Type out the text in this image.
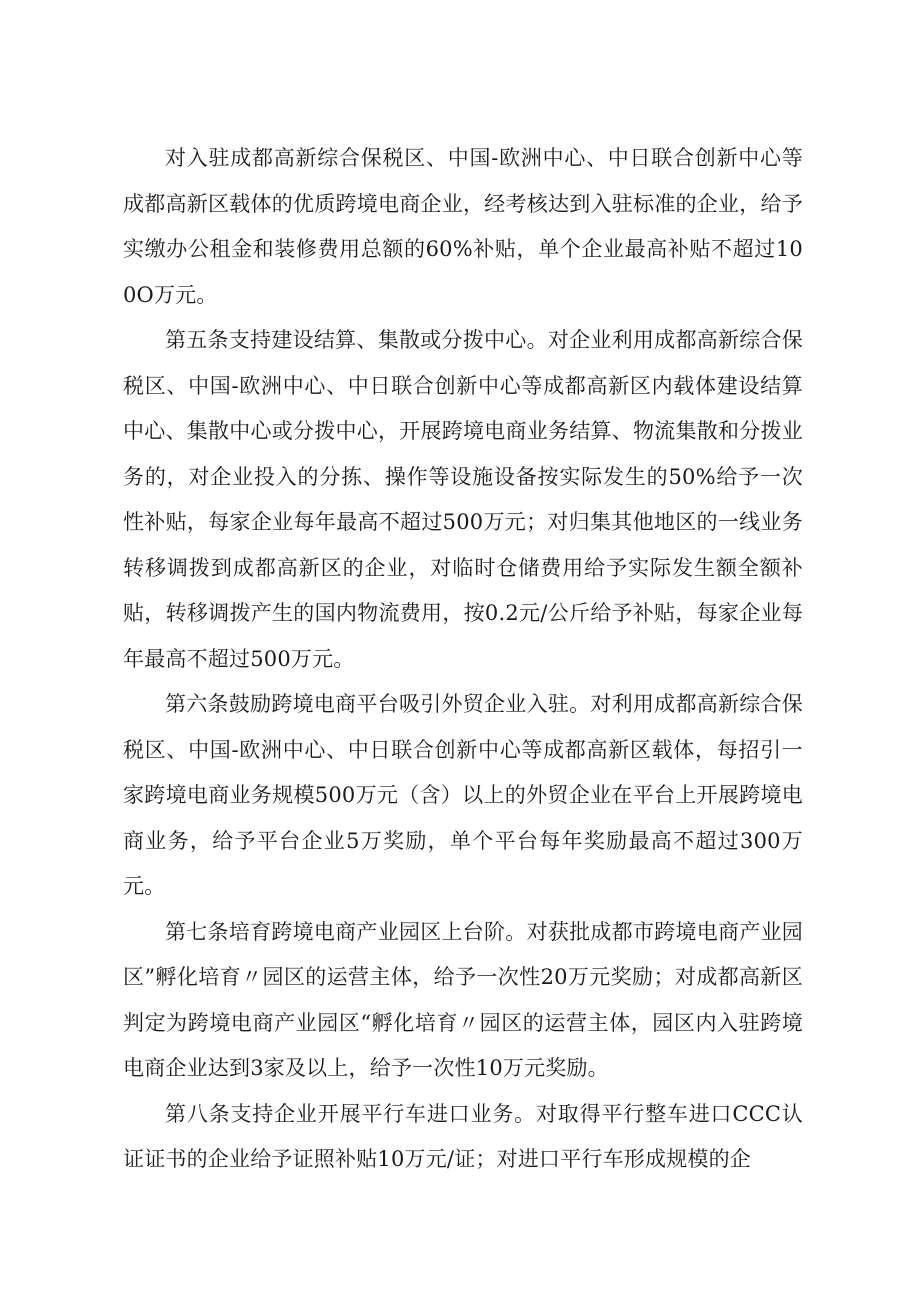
对入驻成都高新综合保税区、中国-欧洲中心、中日联合创新中心等成都高新区载体的优质跨境电商企业，经考核达到入驻标准的企业，给予实缴办公租金和装修费用总额的60%补贴，单个企业最高补贴不超过100O万元。

第五条支持建设结算、集散或分拨中心。对企业利用成都高新综合保税区、中国-欧洲中心、中日联合创新中心等成都高新区内载体建设结算中心、集散中心或分拨中心，开展跨境电商业务结算、物流集散和分拨业务的，对企业投入的分拣、操作等设施设备按实际发生的50%给予一次性补贴，每家企业每年最高不超过500万元；对归集其他地区的一线业务转移调拨到成都高新区的企业，对临时仓储费用给予实际发生额全额补贴，转移调拨产生的国内物流费用，按0.2元/公斤给予补贴，每家企业每年最高不超过500万元。

第六条鼓励跨境电商平台吸引外贸企业入驻。对利用成都高新综合保税区、中国-欧洲中心、中日联合创新中心等成都高新区载体，每招引一家跨境电商业务规模500万元（含）以上的外贸企业在平台上开展跨境电商业务，给予平台企业5万奖励，单个平台每年奖励最高不超过300万元。

第七条培育跨境电商产业园区上台阶。对获批成都市跨境电商产业园区”孵化培育〃园区的运营主体，给予一次性20万元奖励；对成都高新区判定为跨境电商产业园区“孵化培育〃园区的运营主体，园区内入驻跨境电商企业达到3家及以上，给予一次性10万元奖励。

第八条支持企业开展平行车进口业务。对取得平行整车进口CCC认证证书的企业给予证照补贴10万元/证；对进口平行车形成规模的企
